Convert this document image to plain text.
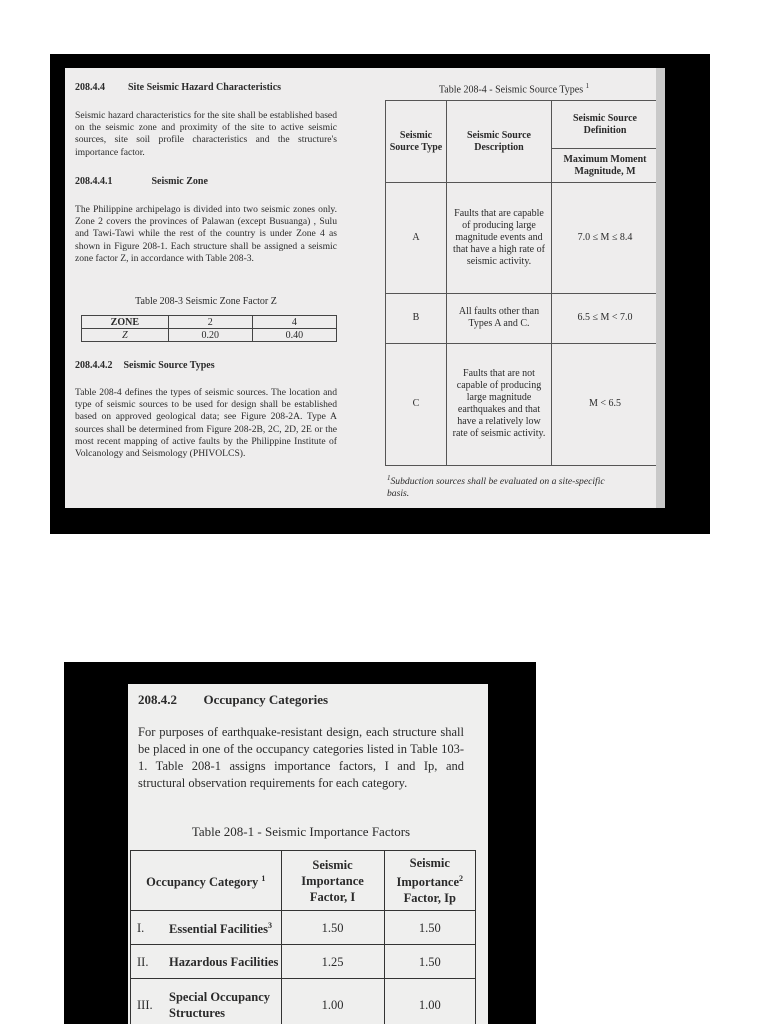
208.4.4 Site Seismic Hazard Characteristics
Seismic hazard characteristics for the site shall be established based on the seismic zone and proximity of the site to active seismic sources, site soil profile characteristics and the structure's importance factor.
208.4.4.1	Seismic Zone
The Philippine archipelago is divided into two seismic zones only. Zone 2 covers the provinces of Palawan (except Busuanga) , Sulu and Tawi-Tawi while the rest of the country is under Zone 4 as shown in Figure 208-1. Each structure shall be assigned a seismic zone factor Z, in accordance with Table 208-3.
Table 208-3 Seismic Zone Factor Z
ZONE	2	4
Z	0.20	0.40
208.4.4.2 Seismic Source Types
Table 208-4 defines the types of seismic sources. The location and type of seismic sources to be used for design shall be established based on approved geological data; see Figure 208-2A. Type A sources shall be determined from Figure 208-2B, 2C, 2D, 2E or the most recent mapping of active faults by the Philippine Institute of Volcanology and Seismology (PHIVOLCS).
Table 208-4 - Seismic Source Types $^1$
Seismic Source Type	Seismic Source Description	Seismic Source Definition
		Maximum Moment Magnitude, M
A	Faults that are capable of producing large magnitude events and that have a high rate of seismic activity.	7.0 ≤ M ≤ 8.4
B	All faults other than Types A and C.	6.5 ≤ M < 7.0
C	Faults that are not capable of producing large magnitude earthquakes and that have a relatively low rate of seismic activity.	M < 6.5
$^1$Subduction sources shall be evaluated on a site-specific basis.
208.4.2 Occupancy Categories
For purposes of earthquake-resistant design, each structure shall be placed in one of the occupancy categories listed in Table 103-1. Table 208-1 assigns importance factors, I and Ip, and structural observation requirements for each category.
Table 208-1 - Seismic Importance Factors
Occupancy Category $^1$		Seismic Importance Factor, I	Seismic Importance$^2$
Factor, Ip
I.	Essential Facilities$^3$	1.50	1.50
II.	Hazardous Facilities	1.25	1.50
III.	Special Occupancy Structures	1.00	1.00
